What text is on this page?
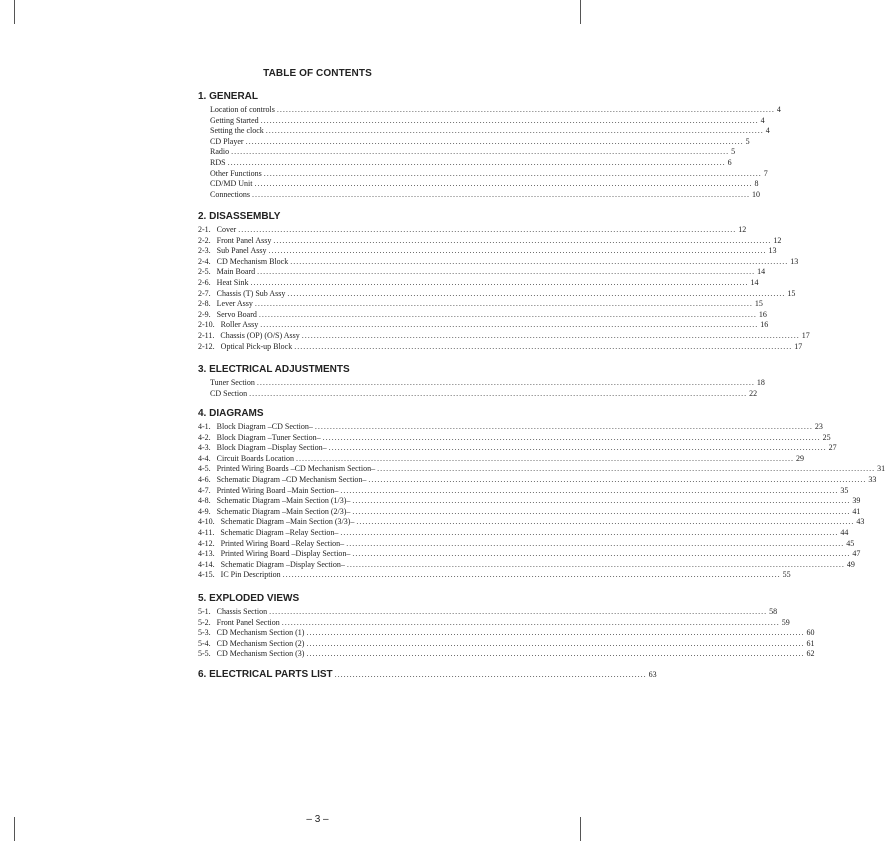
TABLE OF CONTENTS
1. GENERAL
Location of controls ...................................................................................................................................................................... 4
Getting Started ...................................................................................................................................................................... 4
Setting the clock ...................................................................................................................................................................... 4
CD Player ...................................................................................................................................................................... 5
Radio ...................................................................................................................................................................... 5
RDS ...................................................................................................................................................................... 6
Other Functions ...................................................................................................................................................................... 7
CD/MD Unit ...................................................................................................................................................................... 8
Connections ...................................................................................................................................................................... 10
2. DISASSEMBLY
2-1. Cover ...................................................................................................................................................................... 12
2-2. Front Panel Assy ...................................................................................................................................................................... 12
2-3. Sub Panel Assy ...................................................................................................................................................................... 13
2-4. CD Mechanism Block ...................................................................................................................................................................... 13
2-5. Main Board ...................................................................................................................................................................... 14
2-6. Heat Sink ...................................................................................................................................................................... 14
2-7. Chassis (T) Sub Assy ...................................................................................................................................................................... 15
2-8. Lever Assy ...................................................................................................................................................................... 15
2-9. Servo Board ...................................................................................................................................................................... 16
2-10. Roller Assy ...................................................................................................................................................................... 16
2-11. Chassis (OP) (O/S) Assy ...................................................................................................................................................................... 17
2-12. Optical Pick-up Block ...................................................................................................................................................................... 17
3. ELECTRICAL ADJUSTMENTS
Tuner Section ...................................................................................................................................................................... 18
CD Section ...................................................................................................................................................................... 22
4. DIAGRAMS
4-1. Block Diagram –CD Section– ...................................................................................................................................................................... 23
4-2. Block Diagram –Tuner Section– ...................................................................................................................................................................... 25
4-3. Block Diagram –Display Section– ...................................................................................................................................................................... 27
4-4. Circuit Boards Location ...................................................................................................................................................................... 29
4-5. Printed Wiring Boards –CD Mechanism Section– ...................................................................................................................................................................... 31
4-6. Schematic Diagram –CD Mechanism Section– ...................................................................................................................................................................... 33
4-7. Printed Wiring Board –Main Section– ...................................................................................................................................................................... 35
4-8. Schematic Diagram –Main Section (1/3)– ...................................................................................................................................................................... 39
4-9. Schematic Diagram –Main Section (2/3)– ...................................................................................................................................................................... 41
4-10. Schematic Diagram –Main Section (3/3)– ...................................................................................................................................................................... 43
4-11. Schematic Diagram –Relay Section– ...................................................................................................................................................................... 44
4-12. Printed Wiring Board –Relay Section– ...................................................................................................................................................................... 45
4-13. Printed Wiring Board –Display Section– ...................................................................................................................................................................... 47
4-14. Schematic Diagram –Display Section– ...................................................................................................................................................................... 49
4-15. IC Pin Description ...................................................................................................................................................................... 55
5. EXPLODED VIEWS
5-1. Chassis Section ...................................................................................................................................................................... 58
5-2. Front Panel Section ...................................................................................................................................................................... 59
5-3. CD Mechanism Section (1) ...................................................................................................................................................................... 60
5-4. CD Mechanism Section (2) ...................................................................................................................................................................... 61
5-5. CD Mechanism Section (3) ...................................................................................................................................................................... 62
6. ELECTRICAL PARTS LIST ........................................................................................................ 63
– 3 –
